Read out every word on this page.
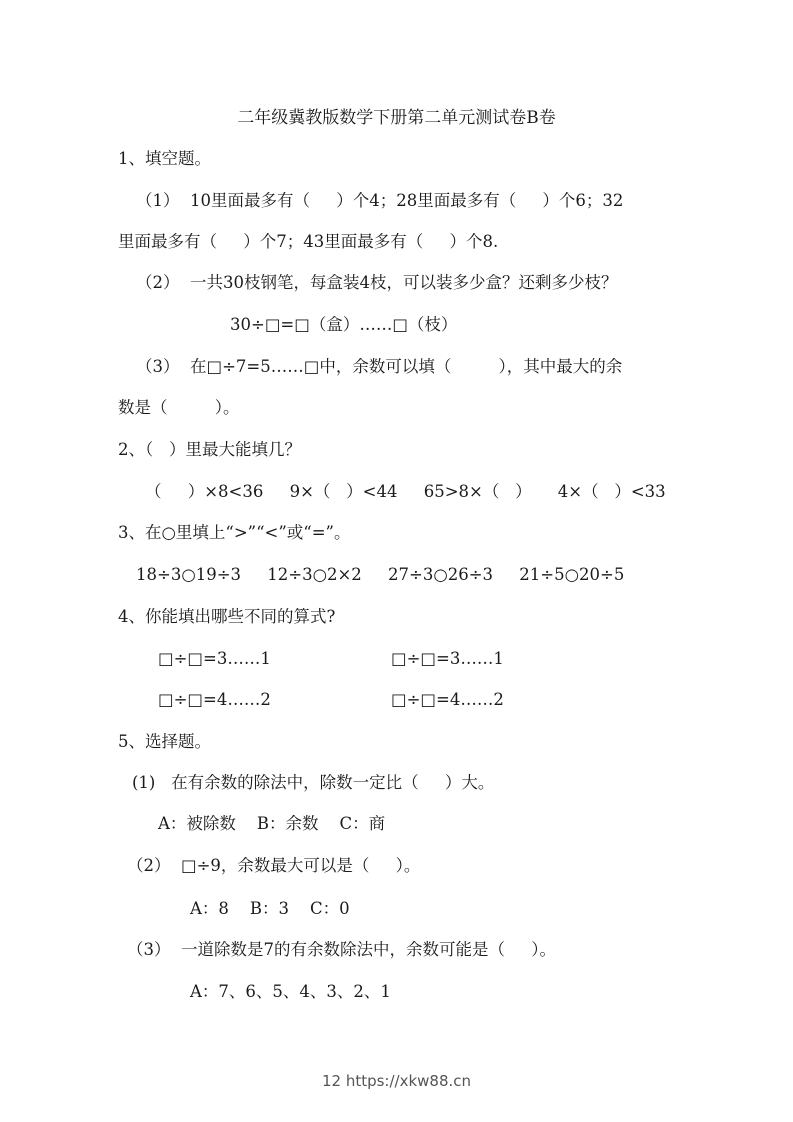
二年级冀教版数学下册第二单元测试卷B卷
1、填空题。
（1）  10里面最多有（     ）个4；28里面最多有（     ）个6；32
里面最多有（     ）个7；43里面最多有（     ）个8.
（2）  一共30枝钢笔，每盒装4枝，可以装多少盒？还剩多少枝？
30÷□=□（盒）……□（枝）
（3）  在□÷7=5……□中，余数可以填（         ），其中最大的余
数是（         ）。
2、（   ）里最大能填几？
（     ）×8<36     9×（   ）<44     65>8×（   ）     4×（   ）<33
3、在○里填上“>”“<”或“=”。
18÷3○19÷3     12÷3○2×2     27÷3○26÷3     21÷5○20÷5
4、你能填出哪些不同的算式?
□÷□=3……1	□÷□=3……1
□÷□=4……2	□÷□=4……2
5、选择题。
(1)   在有余数的除法中，除数一定比（     ）大。
A：被除数    B：余数    C：商
（2）  □÷9，余数最大可以是（     ）。
A：8    B：3    C：0
（3）  一道除数是7的有余数除法中，余数可能是（     ）。
A：7、6、5、4、3、2、1
12 https://xkw88.cn
